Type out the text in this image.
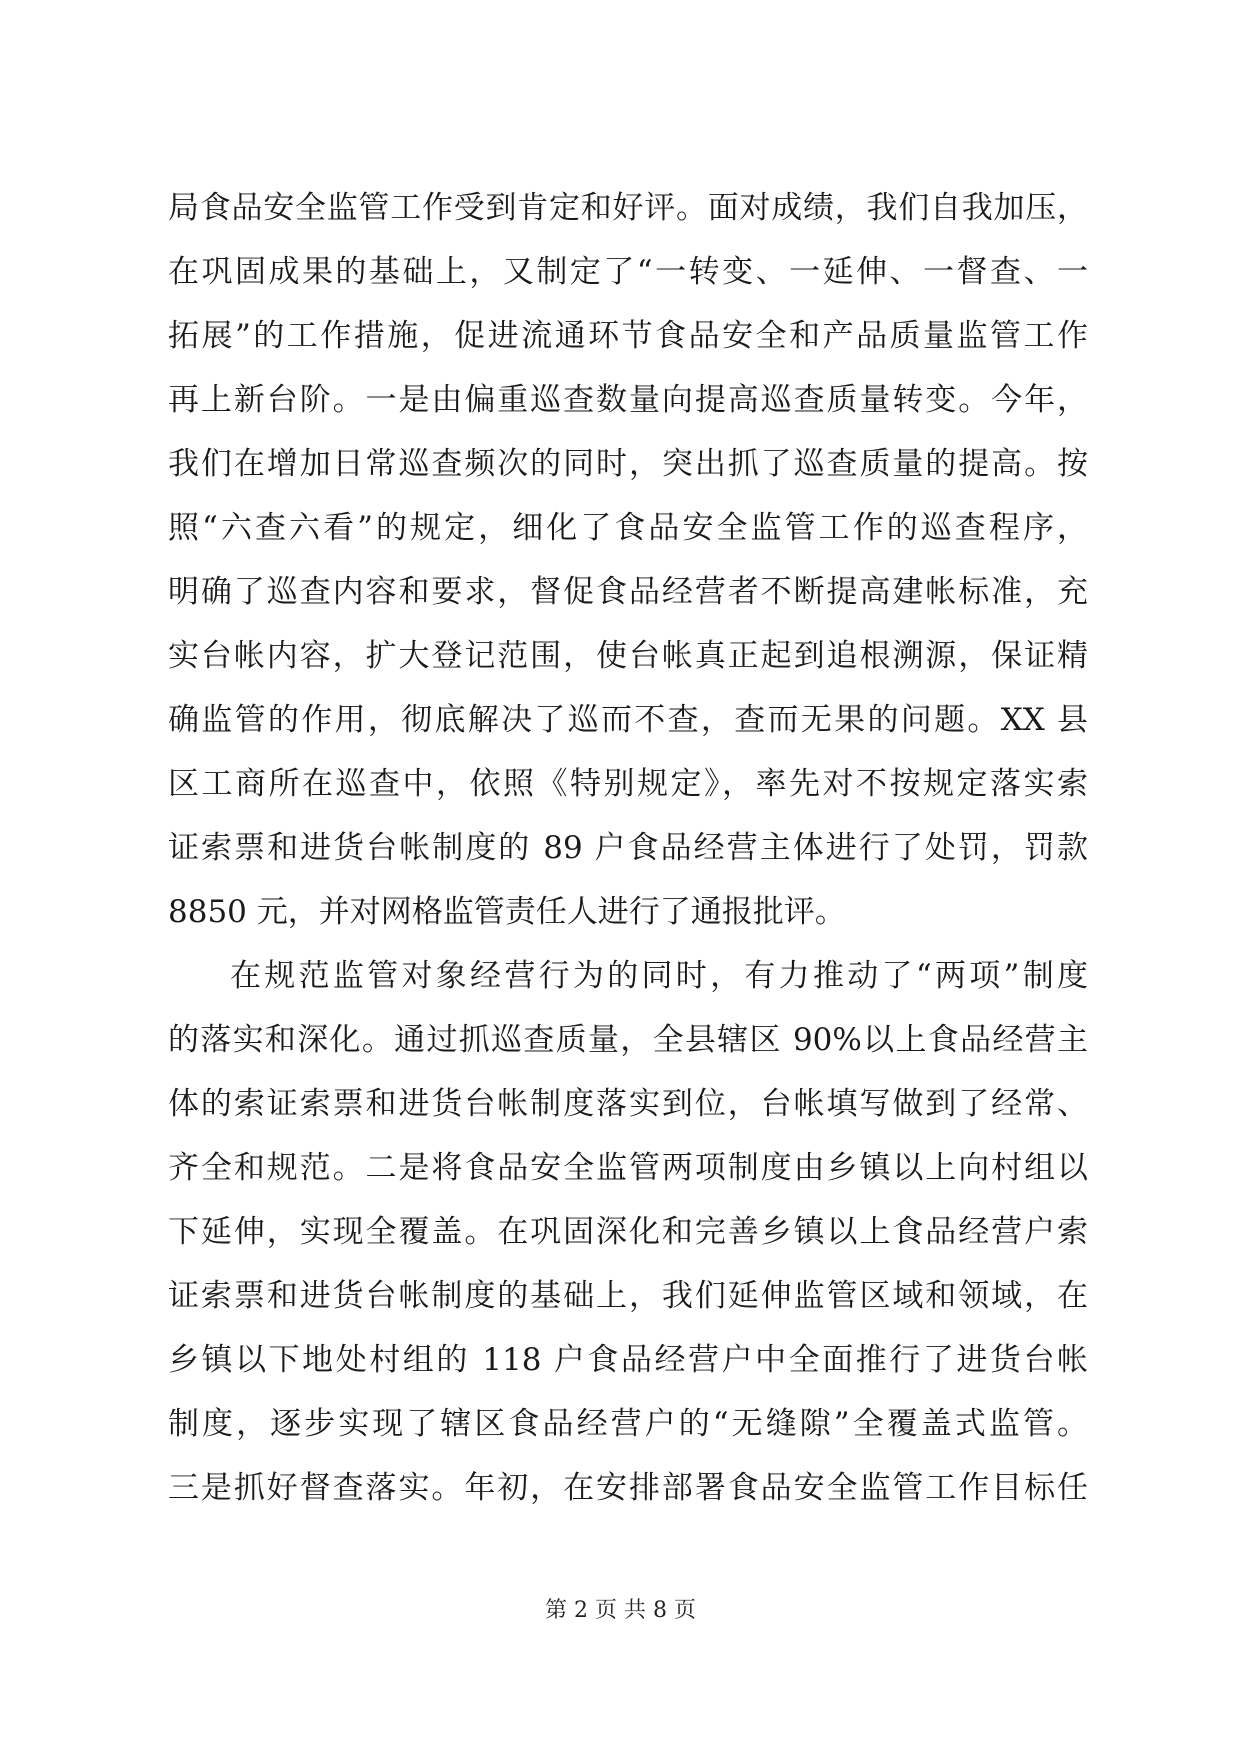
局食品安全监管工作受到肯定和好评。面对成绩，我们自我加压，
在巩固成果的基础上，又制定了“一转变、一延伸、一督查、一
拓展”的工作措施，促进流通环节食品安全和产品质量监管工作
再上新台阶。一是由偏重巡查数量向提高巡查质量转变。今年，
我们在增加日常巡查频次的同时，突出抓了巡查质量的提高。按
照“六查六看”的规定，细化了食品安全监管工作的巡查程序，
明确了巡查内容和要求，督促食品经营者不断提高建帐标准，充
实台帐内容，扩大登记范围，使台帐真正起到追根溯源，保证精
确监管的作用，彻底解决了巡而不查，查而无果的问题。XX 县
区工商所在巡查中，依照《特别规定》，率先对不按规定落实索
证索票和进货台帐制度的 89 户食品经营主体进行了处罚，罚款
8850 元，并对网格监管责任人进行了通报批评。
在规范监管对象经营行为的同时，有力推动了“两项”制度
的落实和深化。通过抓巡查质量，全县辖区 90%以上食品经营主
体的索证索票和进货台帐制度落实到位，台帐填写做到了经常、
齐全和规范。二是将食品安全监管两项制度由乡镇以上向村组以
下延伸，实现全覆盖。在巩固深化和完善乡镇以上食品经营户索
证索票和进货台帐制度的基础上，我们延伸监管区域和领域，在
乡镇以下地处村组的 118 户食品经营户中全面推行了进货台帐
制度，逐步实现了辖区食品经营户的“无缝隙”全覆盖式监管。
三是抓好督查落实。年初，在安排部署食品安全监管工作目标任
第 2 页 共 8 页
